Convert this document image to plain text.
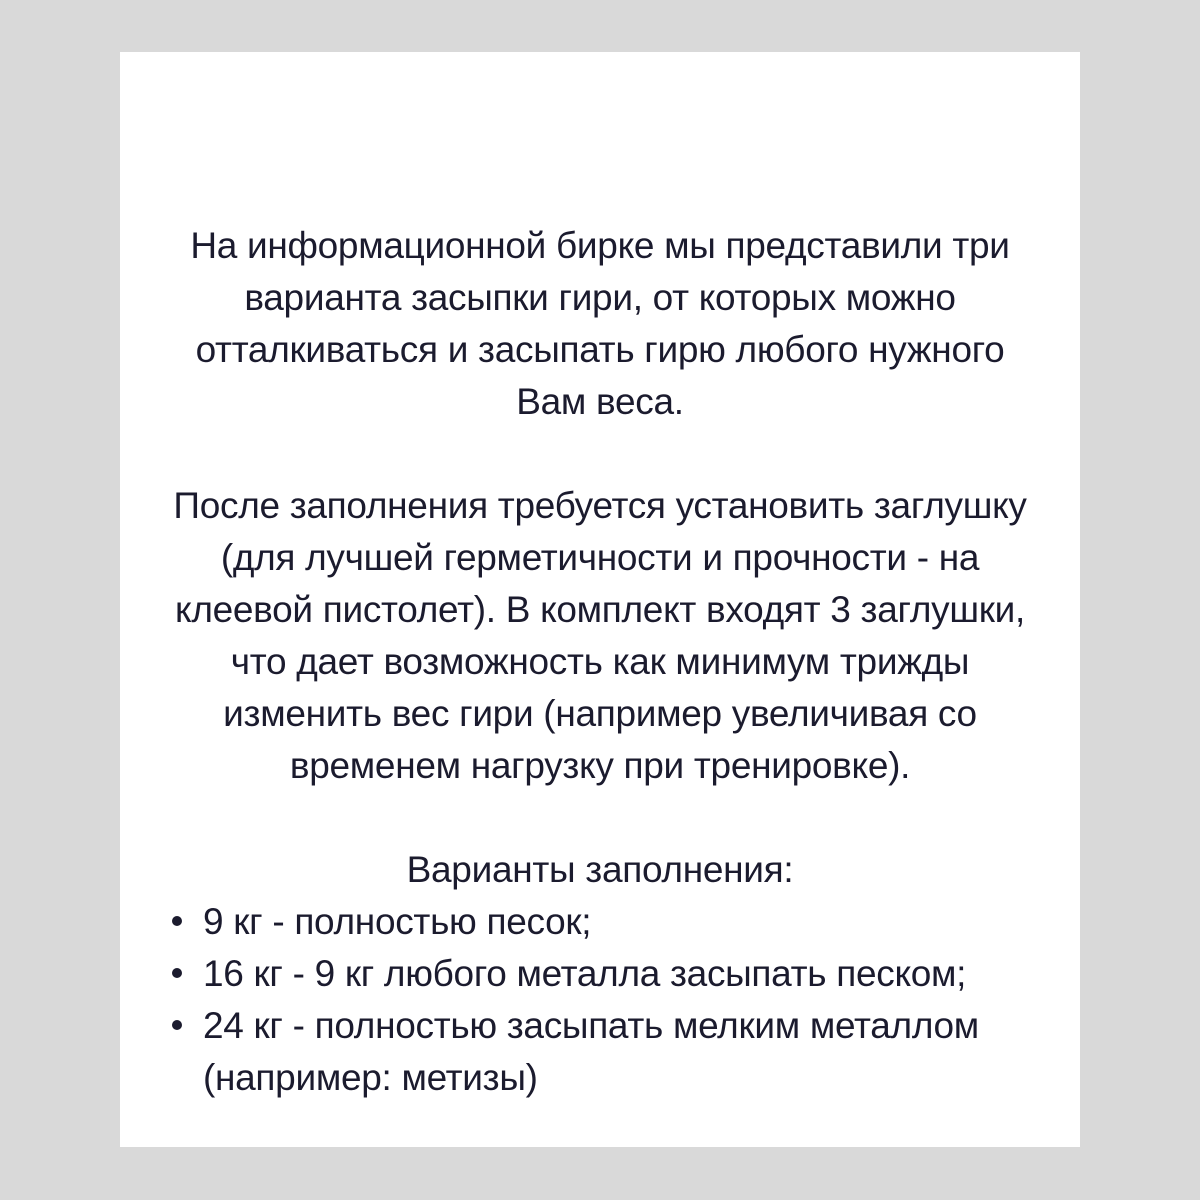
На информационной бирке мы представили три
варианта засыпки гири, от которых можно
отталкиваться и засыпать гирю любого нужного
Вам веса.

После заполнения требуется установить заглушку
(для лучшей герметичности и прочности - на
клеевой пистолет). В комплект входят 3 заглушки,
что дает возможность как минимум трижды
изменить вес гири (например увеличивая со
временем нагрузку при тренировке).

Варианты заполнения:

9 кг - полностью песок;
16 кг - 9 кг любого металла засыпать песком;
24 кг - полностью засыпать мелким металлом
(например: метизы)
